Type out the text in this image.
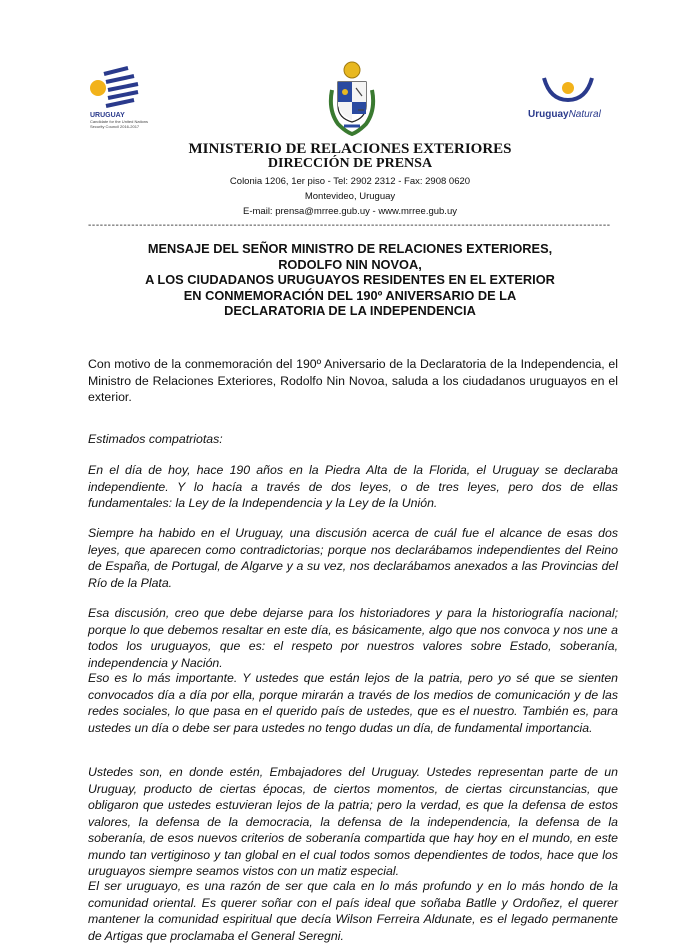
URUGUAY
Candidate for the United Nations Security Council 2016-2017
UruguayNatural
MINISTERIO DE RELACIONES EXTERIORES
DIRECCIÓN DE PRENSA
Colonia 1206, 1er piso - Tel: 2902 2312 - Fax: 2908 0620
Montevideo, Uruguay
E-mail: prensa@mrree.gub.uy - www.mrree.gub.uy
-------------------------------------------------------------------------------------------------------------------------------------
MENSAJE DEL SEÑOR MINISTRO DE RELACIONES EXTERIORES,
RODOLFO NIN NOVOA,
A LOS CIUDADANOS URUGUAYOS RESIDENTES EN EL EXTERIOR
EN CONMEMORACIÓN DEL 190º ANIVERSARIO DE LA
DECLARATORIA DE LA INDEPENDENCIA
Con motivo de la conmemoración del 190º Aniversario de la Declaratoria de la Independencia, el Ministro de Relaciones Exteriores, Rodolfo Nin Novoa, saluda a los ciudadanos uruguayos en el exterior.
Estimados compatriotas:
En el día de hoy, hace 190 años en la Piedra Alta de la Florida, el Uruguay se declaraba independiente. Y lo hacía a través de dos leyes, o de tres leyes, pero dos de ellas fundamentales: la Ley de la Independencia y la Ley de la Unión.
Siempre ha habido en el Uruguay, una discusión acerca de cuál fue el alcance de esas dos leyes, que aparecen como contradictorias; porque nos declarábamos independientes del Reino de España, de Portugal, de Algarve y a su vez, nos declarábamos anexados a las Provincias del Río de la Plata.
Esa discusión, creo que debe dejarse para los historiadores y para la historiografía nacional; porque lo que debemos resaltar en este día, es básicamente, algo que nos convoca y nos une a todos los uruguayos, que es: el respeto por nuestros valores sobre Estado, soberanía, independencia y Nación.
Eso es lo más importante. Y ustedes que están lejos de la patria, pero yo sé que se sienten convocados día a día por ella, porque mirarán a través de los medios de comunicación y de las redes sociales, lo que pasa en el querido país de ustedes, que es el nuestro. También es, para ustedes un día o debe ser para ustedes no tengo dudas un día, de fundamental importancia.
Ustedes son, en donde estén, Embajadores del Uruguay. Ustedes representan parte de un Uruguay, producto de ciertas épocas, de ciertos momentos, de ciertas circunstancias, que obligaron que ustedes estuvieran lejos de la patria; pero la verdad, es que la defensa de estos valores, la defensa de la democracia, la defensa de la independencia, la defensa de la soberanía, de esos nuevos criterios de soberanía compartida que hay hoy en el mundo, en este mundo tan vertiginoso y tan global en el cual todos somos dependientes de todos, hace que los uruguayos siempre seamos vistos con un matiz especial.
El ser uruguayo, es una razón de ser que cala en lo más profundo y en lo más hondo de la comunidad oriental. Es querer soñar con el país ideal que soñaba Batlle y Ordoñez, el querer mantener la comunidad espiritual que decía Wilson Ferreira Aldunate, es el legado permanente de Artigas que proclamaba el General Seregni.
